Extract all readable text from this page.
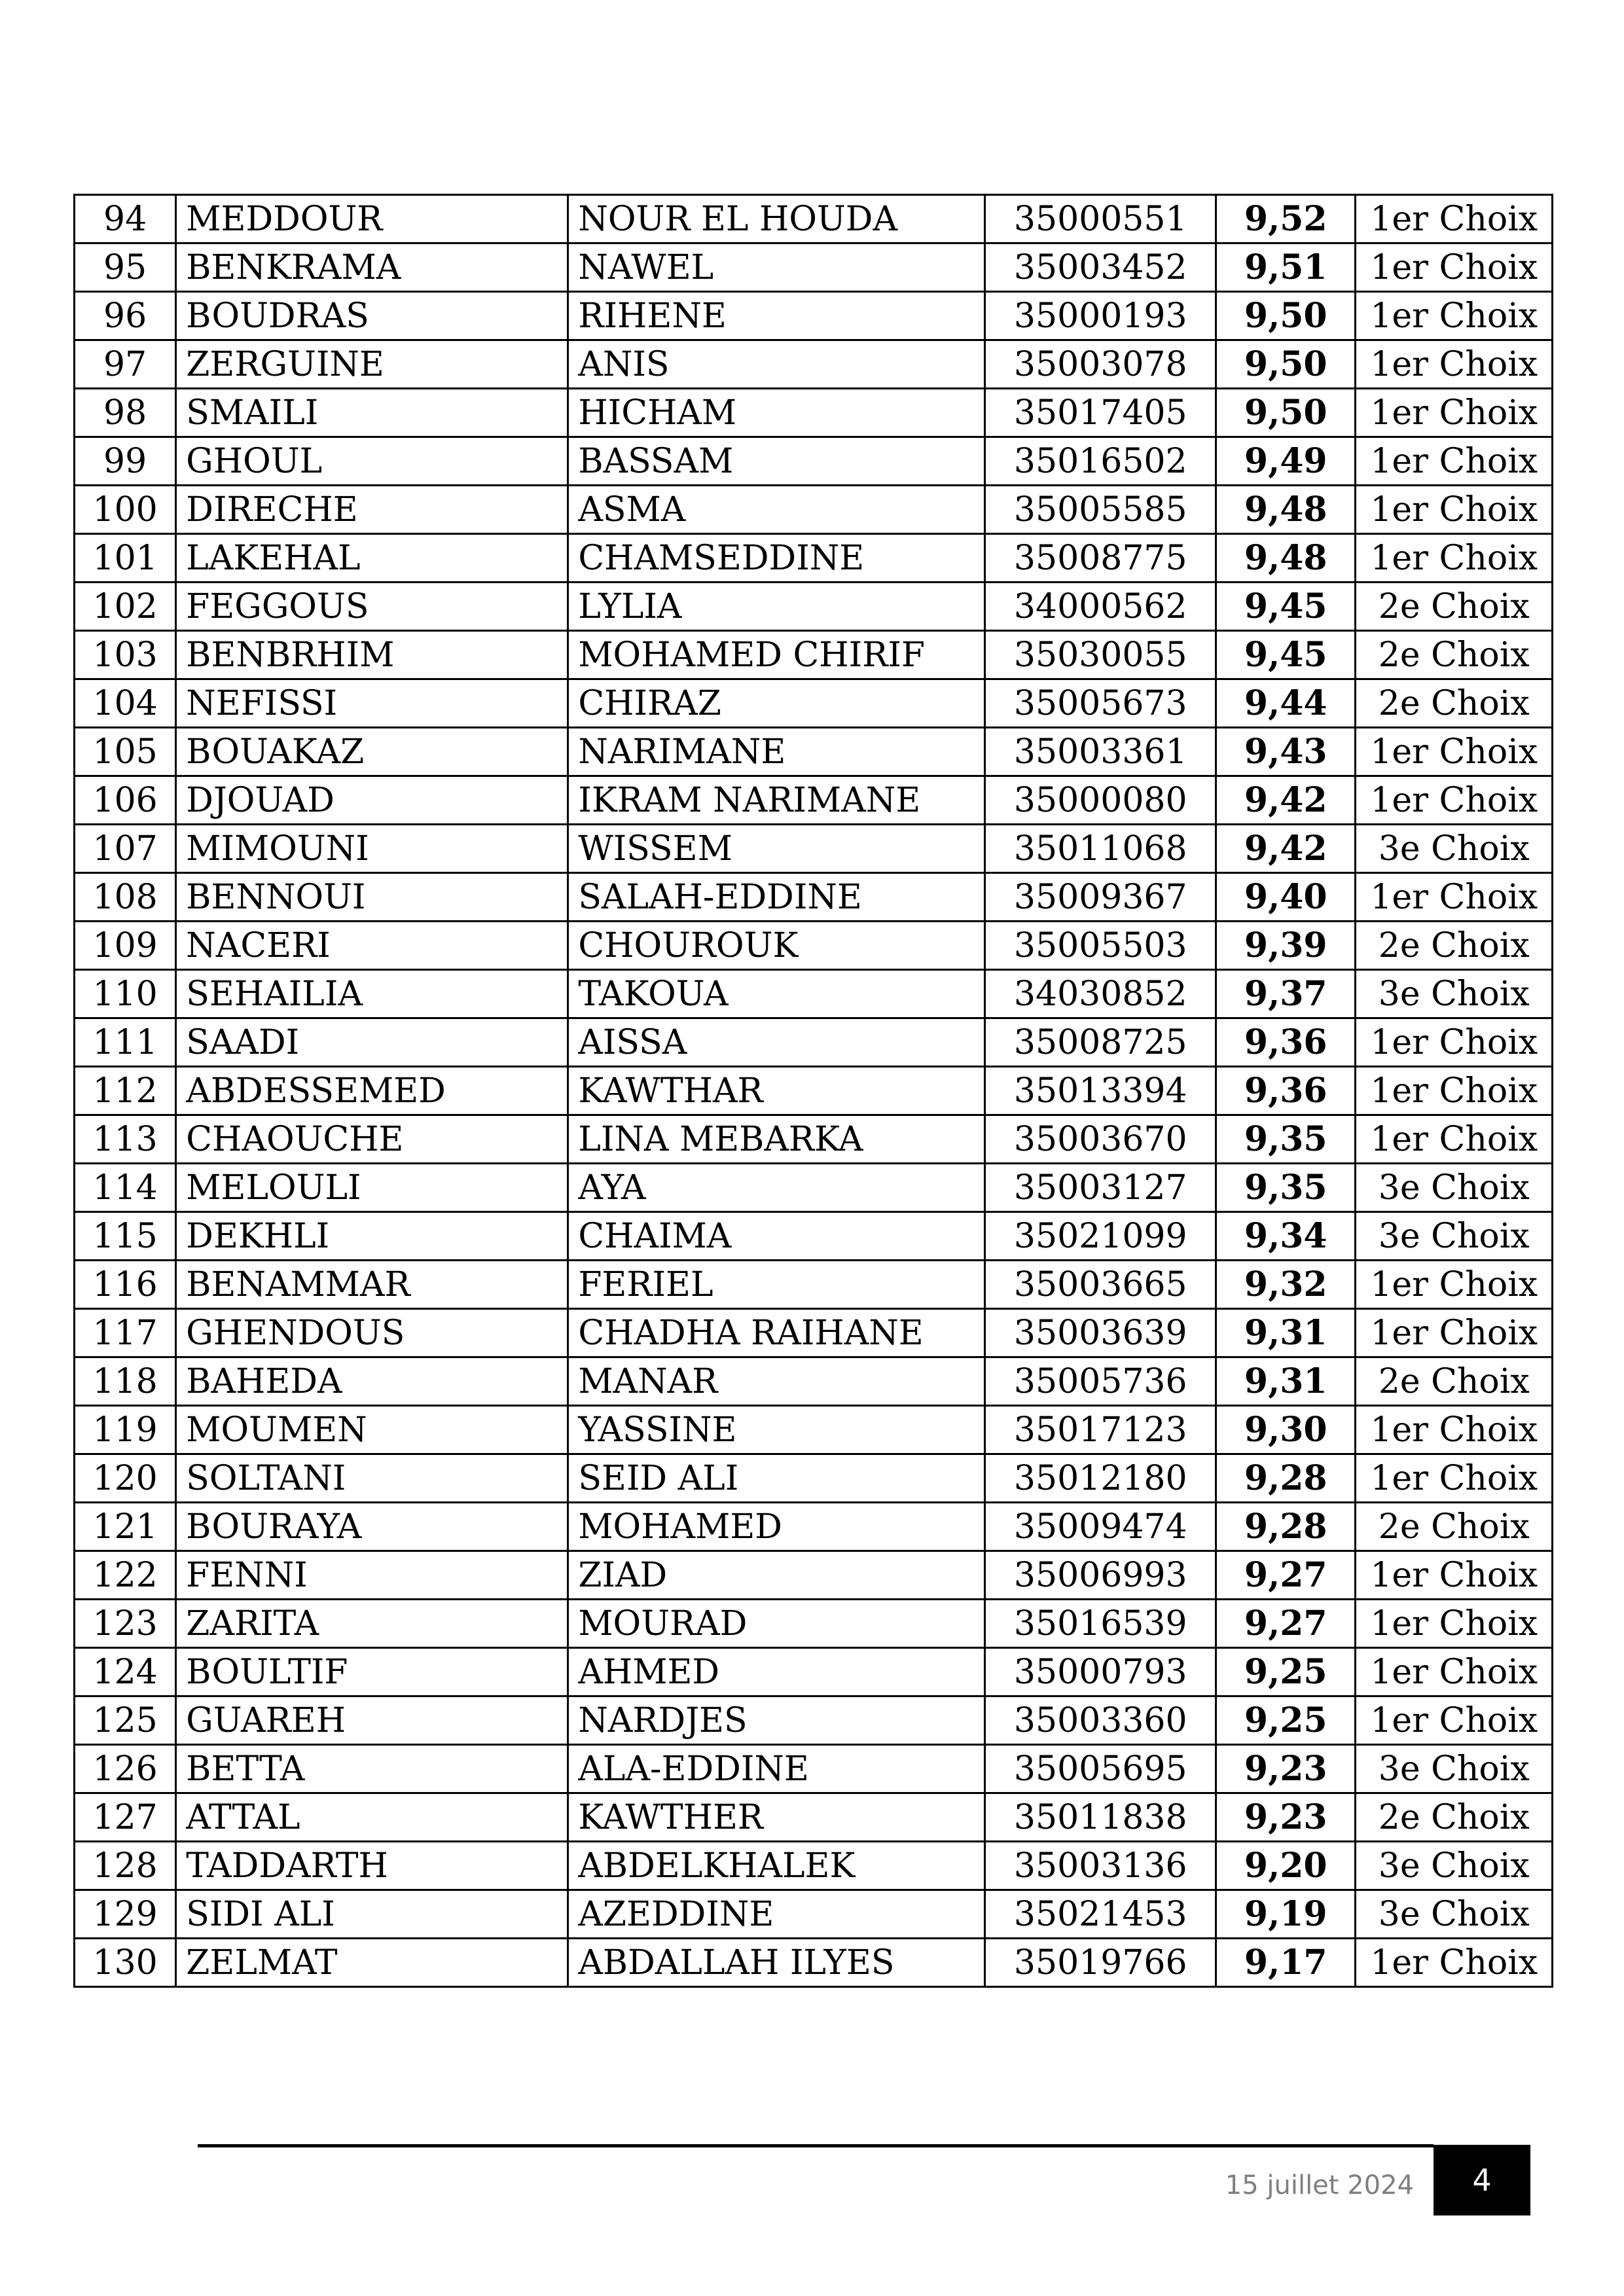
94	MEDDOUR	NOUR EL HOUDA	35000551	9,52	1er Choix
95	BENKRAMA	NAWEL	35003452	9,51	1er Choix
96	BOUDRAS	RIHENE	35000193	9,50	1er Choix
97	ZERGUINE	ANIS	35003078	9,50	1er Choix
98	SMAILI	HICHAM	35017405	9,50	1er Choix
99	GHOUL	BASSAM	35016502	9,49	1er Choix
100	DIRECHE	ASMA	35005585	9,48	1er Choix
101	LAKEHAL	CHAMSEDDINE	35008775	9,48	1er Choix
102	FEGGOUS	LYLIA	34000562	9,45	2e Choix
103	BENBRHIM	MOHAMED CHIRIF	35030055	9,45	2e Choix
104	NEFISSI	CHIRAZ	35005673	9,44	2e Choix
105	BOUAKAZ	NARIMANE	35003361	9,43	1er Choix
106	DJOUAD	IKRAM NARIMANE	35000080	9,42	1er Choix
107	MIMOUNI	WISSEM	35011068	9,42	3e Choix
108	BENNOUI	SALAH-EDDINE	35009367	9,40	1er Choix
109	NACERI	CHOUROUK	35005503	9,39	2e Choix
110	SEHAILIA	TAKOUA	34030852	9,37	3e Choix
111	SAADI	AISSA	35008725	9,36	1er Choix
112	ABDESSEMED	KAWTHAR	35013394	9,36	1er Choix
113	CHAOUCHE	LINA MEBARKA	35003670	9,35	1er Choix
114	MELOULI	AYA	35003127	9,35	3e Choix
115	DEKHLI	CHAIMA	35021099	9,34	3e Choix
116	BENAMMAR	FERIEL	35003665	9,32	1er Choix
117	GHENDOUS	CHADHA RAIHANE	35003639	9,31	1er Choix
118	BAHEDA	MANAR	35005736	9,31	2e Choix
119	MOUMEN	YASSINE	35017123	9,30	1er Choix
120	SOLTANI	SEID ALI	35012180	9,28	1er Choix
121	BOURAYA	MOHAMED	35009474	9,28	2e Choix
122	FENNI	ZIAD	35006993	9,27	1er Choix
123	ZARITA	MOURAD	35016539	9,27	1er Choix
124	BOULTIF	AHMED	35000793	9,25	1er Choix
125	GUAREH	NARDJES	35003360	9,25	1er Choix
126	BETTA	ALA-EDDINE	35005695	9,23	3e Choix
127	ATTAL	KAWTHER	35011838	9,23	2e Choix
128	TADDARTH	ABDELKHALEK	35003136	9,20	3e Choix
129	SIDI ALI	AZEDDINE	35021453	9,19	3e Choix
130	ZELMAT	ABDALLAH ILYES	35019766	9,17	1er Choix
15 juillet 2024 4
